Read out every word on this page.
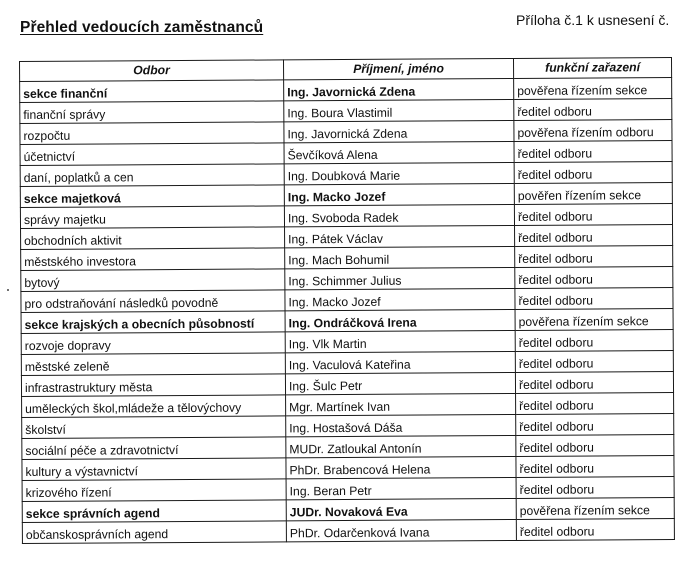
Přehled vedoucích zaměstnanců	Příloha č.1 k usnesení č.
Odbor	Příjmení, jméno	funkční zařazení
sekce finanční	Ing. Javornická Zdena	pověřena řízením sekce
finanční správy	Ing. Boura Vlastimil	ředitel odboru
rozpočtu	Ing. Javornická Zdena	pověřena řízením odboru
účetnictví	Ševčíková Alena	ředitel odboru
daní, poplatků a cen	Ing. Doubková Marie	ředitel odboru
sekce majetková	Ing. Macko Jozef	pověřen řízením sekce
správy majetku	Ing. Svoboda Radek	ředitel odboru
obchodních aktivit	Ing. Pátek Václav	ředitel odboru
městského investora	Ing. Mach Bohumil	ředitel odboru
bytový	Ing. Schimmer Julius	ředitel odboru
pro odstraňování následků povodně	Ing. Macko Jozef	ředitel odboru
sekce krajských a obecních působností	Ing. Ondráčková Irena	pověřena řízením sekce
rozvoje dopravy	Ing. Vlk Martin	ředitel odboru
městské zeleně	Ing. Vaculová Kateřina	ředitel odboru
infrastrastruktury města	Ing. Šulc Petr	ředitel odboru
uměleckých škol,mládeže a tělovýchovy	Mgr. Martínek Ivan	ředitel odboru
školství	Ing. Hostašová Dáša	ředitel odboru
sociální péče a zdravotnictví	MUDr. Zatloukal Antonín	ředitel odboru
kultury a výstavnictví	PhDr. Brabencová Helena	ředitel odboru
krizového řízení	Ing. Beran Petr	ředitel odboru
sekce správních agend	JUDr. Novaková Eva	pověřena řízením sekce
občanskosprávních agend	PhDr. Odarčenková Ivana	ředitel odboru
